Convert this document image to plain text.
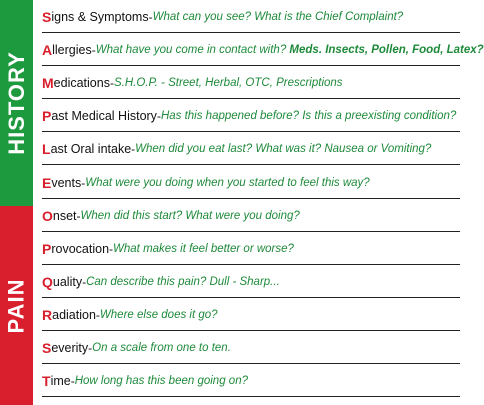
HISTORY
PAIN
S igns & Symptoms - What can you see? What is the Chief Complaint?
A llergies - What have you come in contact with? Meds. Insects, Pollen, Food, Latex?
M edications - S.H.O.P. - Street, Herbal, OTC, Prescriptions
P ast Medical History - Has this happened before? Is this a preexisting condition?
L ast Oral intake - When did you eat last? What was it? Nausea or Vomiting?
E vents - What were you doing when you started to feel this way?
O nset - When did this start? What were you doing?
P rovocation - What makes it feel better or worse?
Q uality - Can describe this pain? Dull - Sharp...
R adiation - Where else does it go?
S everity - On a scale from one to ten.
T ime - How long has this been going on?
